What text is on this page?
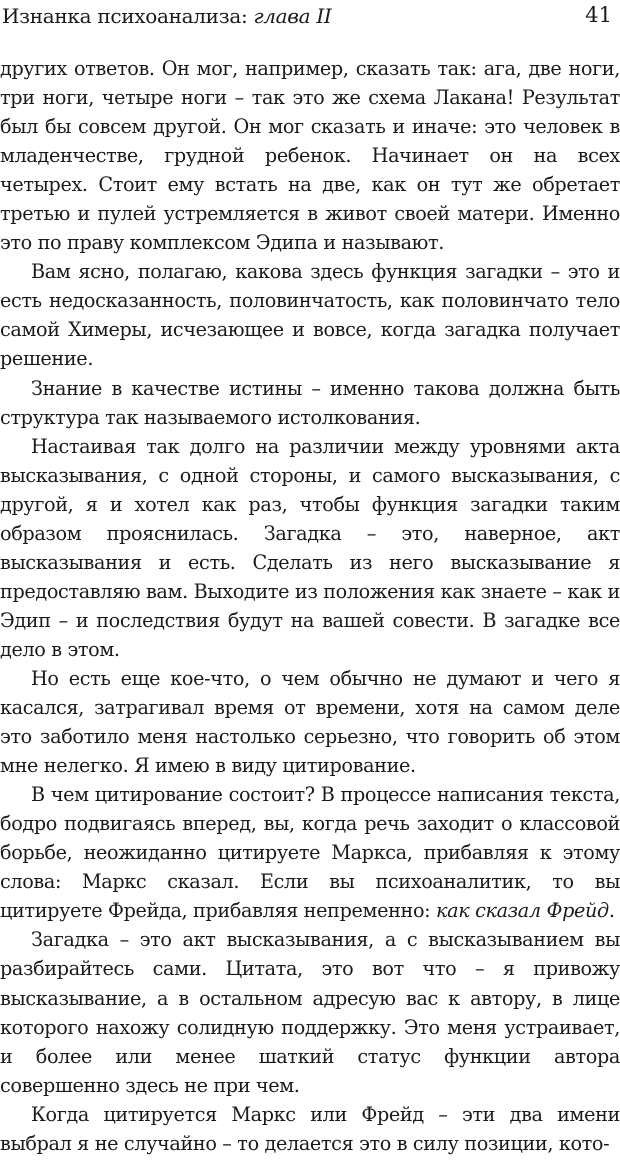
Изнанка психоанализа: глава II	41

других ответов. Он мог, например, сказать так: ага, две ноги, три ноги, четыре ноги – так это же схема Лакана! Результат был бы совсем другой. Он мог сказать и иначе: это человек в младенчестве, грудной ребенок. Начинает он на всех четырех. Стоит ему встать на две, как он тут же обретает третью и пулей устремляется в живот своей матери. Именно это по праву комплексом Эдипа и называют.

Вам ясно, полагаю, какова здесь функция загадки – это и есть недосказанность, половинчатость, как половинчато тело самой Химеры, исчезающее и вовсе, когда загадка получает решение.

Знание в качестве истины – именно такова должна быть структура так называемого истолкования.

Настаивая так долго на различии между уровнями акта высказывания, с одной стороны, и самого высказывания, с другой, я и хотел как раз, чтобы функция загадки таким образом прояснилась. Загадка – это, наверное, акт высказывания и есть. Сделать из него высказывание я предоставляю вам. Выходите из положения как знаете – как и Эдип – и последствия будут на вашей совести. В загадке все дело в этом.

Но есть еще кое-что, о чем обычно не думают и чего я касался, затрагивал время от времени, хотя на самом деле это заботило меня настолько серьезно, что говорить об этом мне нелегко. Я имею в виду цитирование.

В чем цитирование состоит? В процессе написания текста, бодро подвигаясь вперед, вы, когда речь заходит о классовой борьбе, неожиданно цитируете Маркса, прибавляя к этому слова: Маркс сказал. Если вы психоаналитик, то вы цитируете Фрейда, прибавляя непременно: как сказал Фрейд.

Загадка – это акт высказывания, а с высказыванием вы разбирайтесь сами. Цитата, это вот что – я привожу высказывание, а в остальном адресую вас к автору, в лице которого нахожу солидную поддержку. Это меня устраивает, и более или менее шаткий статус функции автора совершенно здесь не при чем.

Когда цитируется Маркс или Фрейд – эти два имени выбрал я не случайно – то делается это в силу позиции, кото-
